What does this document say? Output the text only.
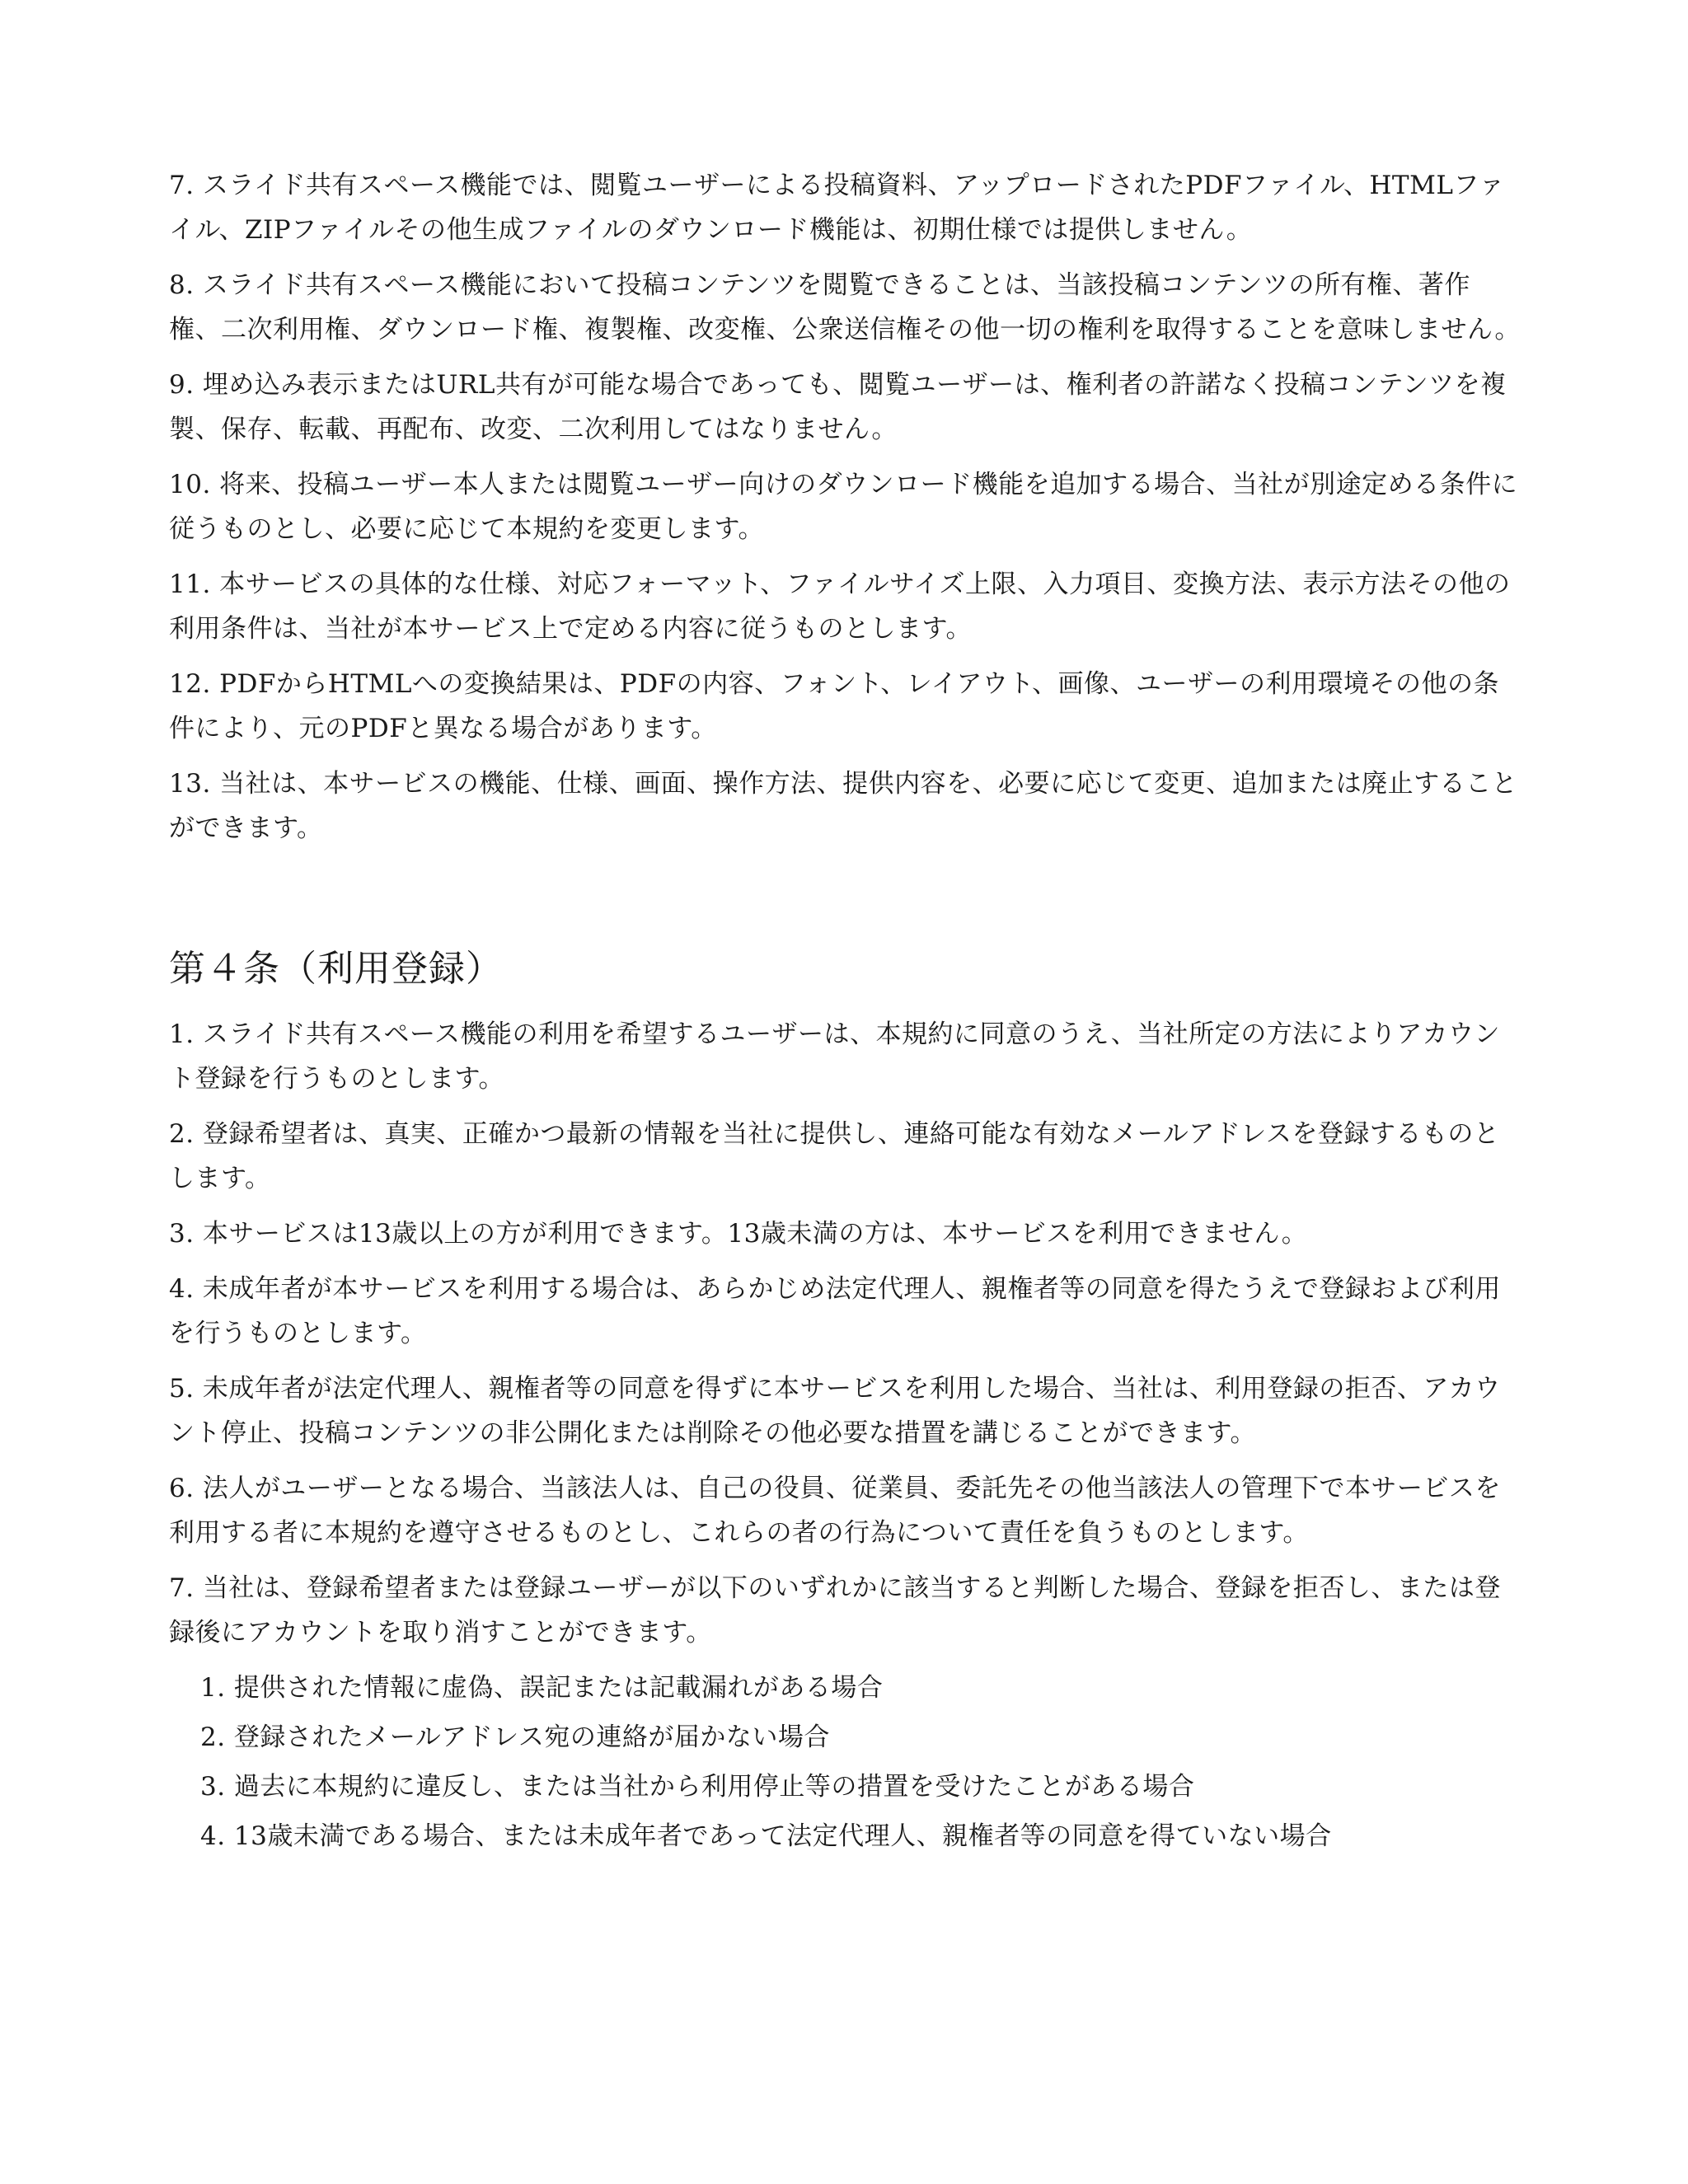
7. スライド共有スペース機能では、閲覧ユーザーによる投稿資料、アップロードされたPDFファイル、HTMLファイル、ZIPファイルその他生成ファイルのダウンロード機能は、初期仕様では提供しません。

8. スライド共有スペース機能において投稿コンテンツを閲覧できることは、当該投稿コンテンツの所有権、著作権、二次利用権、ダウンロード権、複製権、改変権、公衆送信権その他一切の権利を取得することを意味しません。

9. 埋め込み表示またはURL共有が可能な場合であっても、閲覧ユーザーは、権利者の許諾なく投稿コンテンツを複製、保存、転載、再配布、改変、二次利用してはなりません。

10. 将来、投稿ユーザー本人または閲覧ユーザー向けのダウンロード機能を追加する場合、当社が別途定める条件に従うものとし、必要に応じて本規約を変更します。

11. 本サービスの具体的な仕様、対応フォーマット、ファイルサイズ上限、入力項目、変換方法、表示方法その他の利用条件は、当社が本サービス上で定める内容に従うものとします。

12. PDFからHTMLへの変換結果は、PDFの内容、フォント、レイアウト、画像、ユーザーの利用環境その他の条件により、元のPDFと異なる場合があります。

13. 当社は、本サービスの機能、仕様、画面、操作方法、提供内容を、必要に応じて変更、追加または廃止することができます。

第４条（利用登録）

1. スライド共有スペース機能の利用を希望するユーザーは、本規約に同意のうえ、当社所定の方法によりアカウント登録を行うものとします。

2. 登録希望者は、真実、正確かつ最新の情報を当社に提供し、連絡可能な有効なメールアドレスを登録するものとします。

3. 本サービスは13歳以上の方が利用できます。13歳未満の方は、本サービスを利用できません。

4. 未成年者が本サービスを利用する場合は、あらかじめ法定代理人、親権者等の同意を得たうえで登録および利用を行うものとします。

5. 未成年者が法定代理人、親権者等の同意を得ずに本サービスを利用した場合、当社は、利用登録の拒否、アカウント停止、投稿コンテンツの非公開化または削除その他必要な措置を講じることができます。

6. 法人がユーザーとなる場合、当該法人は、自己の役員、従業員、委託先その他当該法人の管理下で本サービスを利用する者に本規約を遵守させるものとし、これらの者の行為について責任を負うものとします。

7. 当社は、登録希望者または登録ユーザーが以下のいずれかに該当すると判断した場合、登録を拒否し、または登録後にアカウントを取り消すことができます。

1. 提供された情報に虚偽、誤記または記載漏れがある場合
2. 登録されたメールアドレス宛の連絡が届かない場合
3. 過去に本規約に違反し、または当社から利用停止等の措置を受けたことがある場合
4. 13歳未満である場合、または未成年者であって法定代理人、親権者等の同意を得ていない場合
